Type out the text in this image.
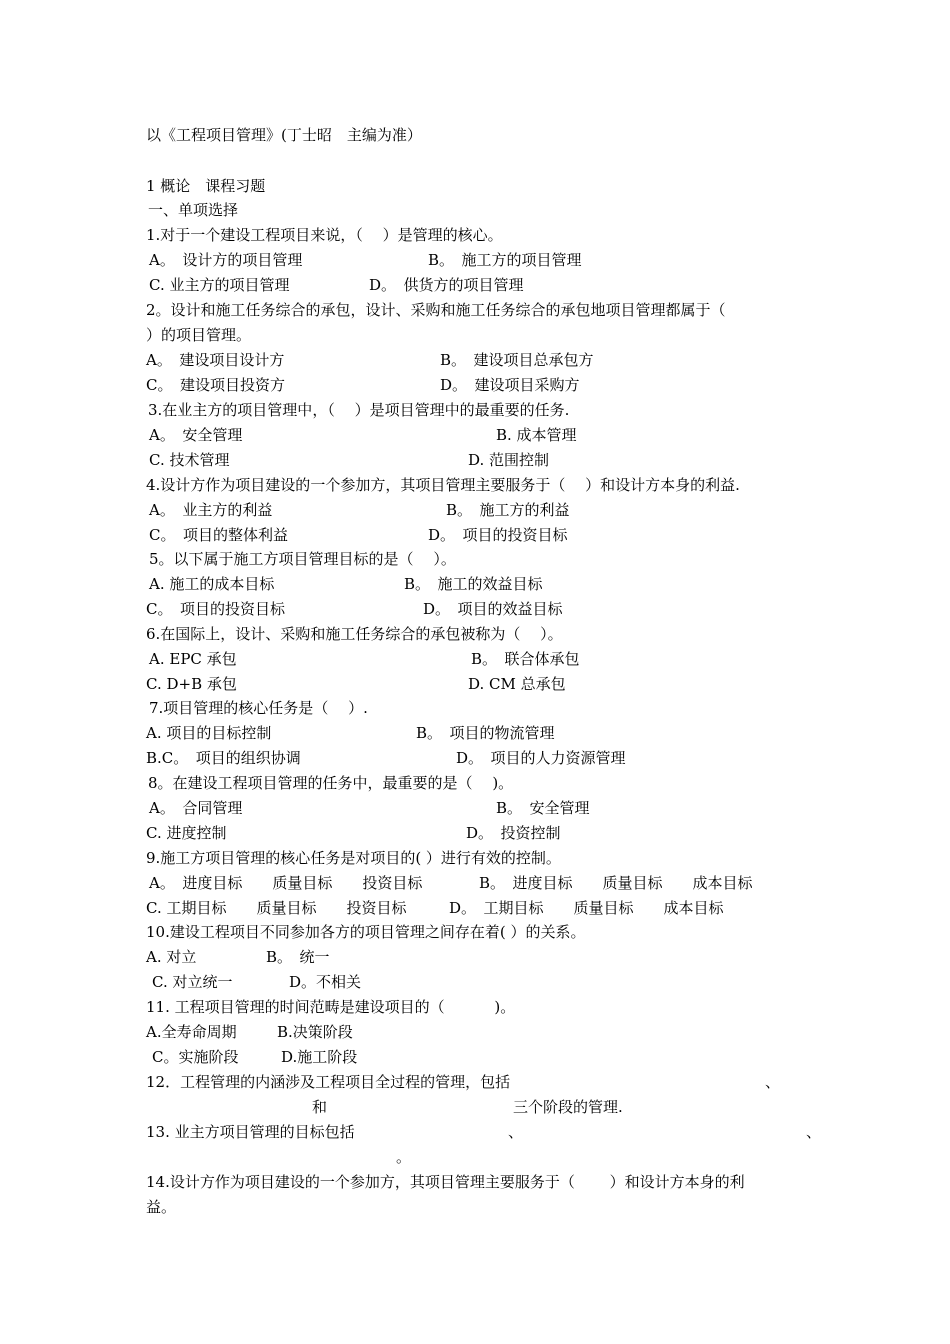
以《工程项目管理》(丁士昭　主编为准）
1 概论　课程习题
一、单项选择
1.对于一个建设工程项目来说，（　 ）是管理的核心。
A。　设计方的项目管理	B。　施工方的项目管理
C. 业主方的项目管理	D。　供货方的项目管理
2。设计和施工任务综合的承包，设计、采购和施工任务综合的承包地项目管理都属于（
）的项目管理。
A。　建设项目设计方	B。　建设项目总承包方
C。　建设项目投资方	D。　建设项目采购方
3.在业主方的项目管理中，（　 ）是项目管理中的最重要的任务.
A。　安全管理	B. 成本管理
C. 技术管理	D. 范围控制
4.设计方作为项目建设的一个参加方，其项目管理主要服务于（　 ）和设计方本身的利益.
A。　业主方的利益	B。　施工方的利益
C。　项目的整体利益	D。　项目的投资目标
5。以下属于施工方项目管理目标的是（　 ）。
A. 施工的成本目标	B。　施工的效益目标
C。　项目的投资目标	D。　项目的效益目标
6.在国际上，设计、采购和施工任务综合的承包被称为（　 ）。
A. EPC 承包	B。　联合体承包
C. D+B 承包	D. CM 总承包
7.项目管理的核心任务是（　 ）.
A. 项目的目标控制	B。　项目的物流管理
B.C。　项目的组织协调	D。　项目的人力资源管理
8。在建设工程项目管理的任务中，最重要的是（　 )。
A。　合同管理	B。　安全管理
C. 进度控制	D。　投资控制
9.施工方项目管理的核心任务是对项目的( ）进行有效的控制。
A。　进度目标　　质量目标　　投资目标	B。　进度目标　　质量目标　　成本目标
C. 工期目标　　质量目标　　投资目标	D。　工期目标　　质量目标　　成本目标
10.建设工程项目不同参加各方的项目管理之间存在着( ）的关系。
A. 对立	B。　统一
C. 对立统一	D。不相关
11. 工程项目管理的时间范畴是建设项目的（　　　 )。
A.全寿命周期	B.决策阶段
C。实施阶段	D.施工阶段
12．工程管理的内涵涉及工程项目全过程的管理，包括	、
和	三个阶段的管理.
13. 业主方项目管理的目标包括	、	、
。
14.设计方作为项目建设的一个参加方，其项目管理主要服务于（　　 ）和设计方本身的利
益。
